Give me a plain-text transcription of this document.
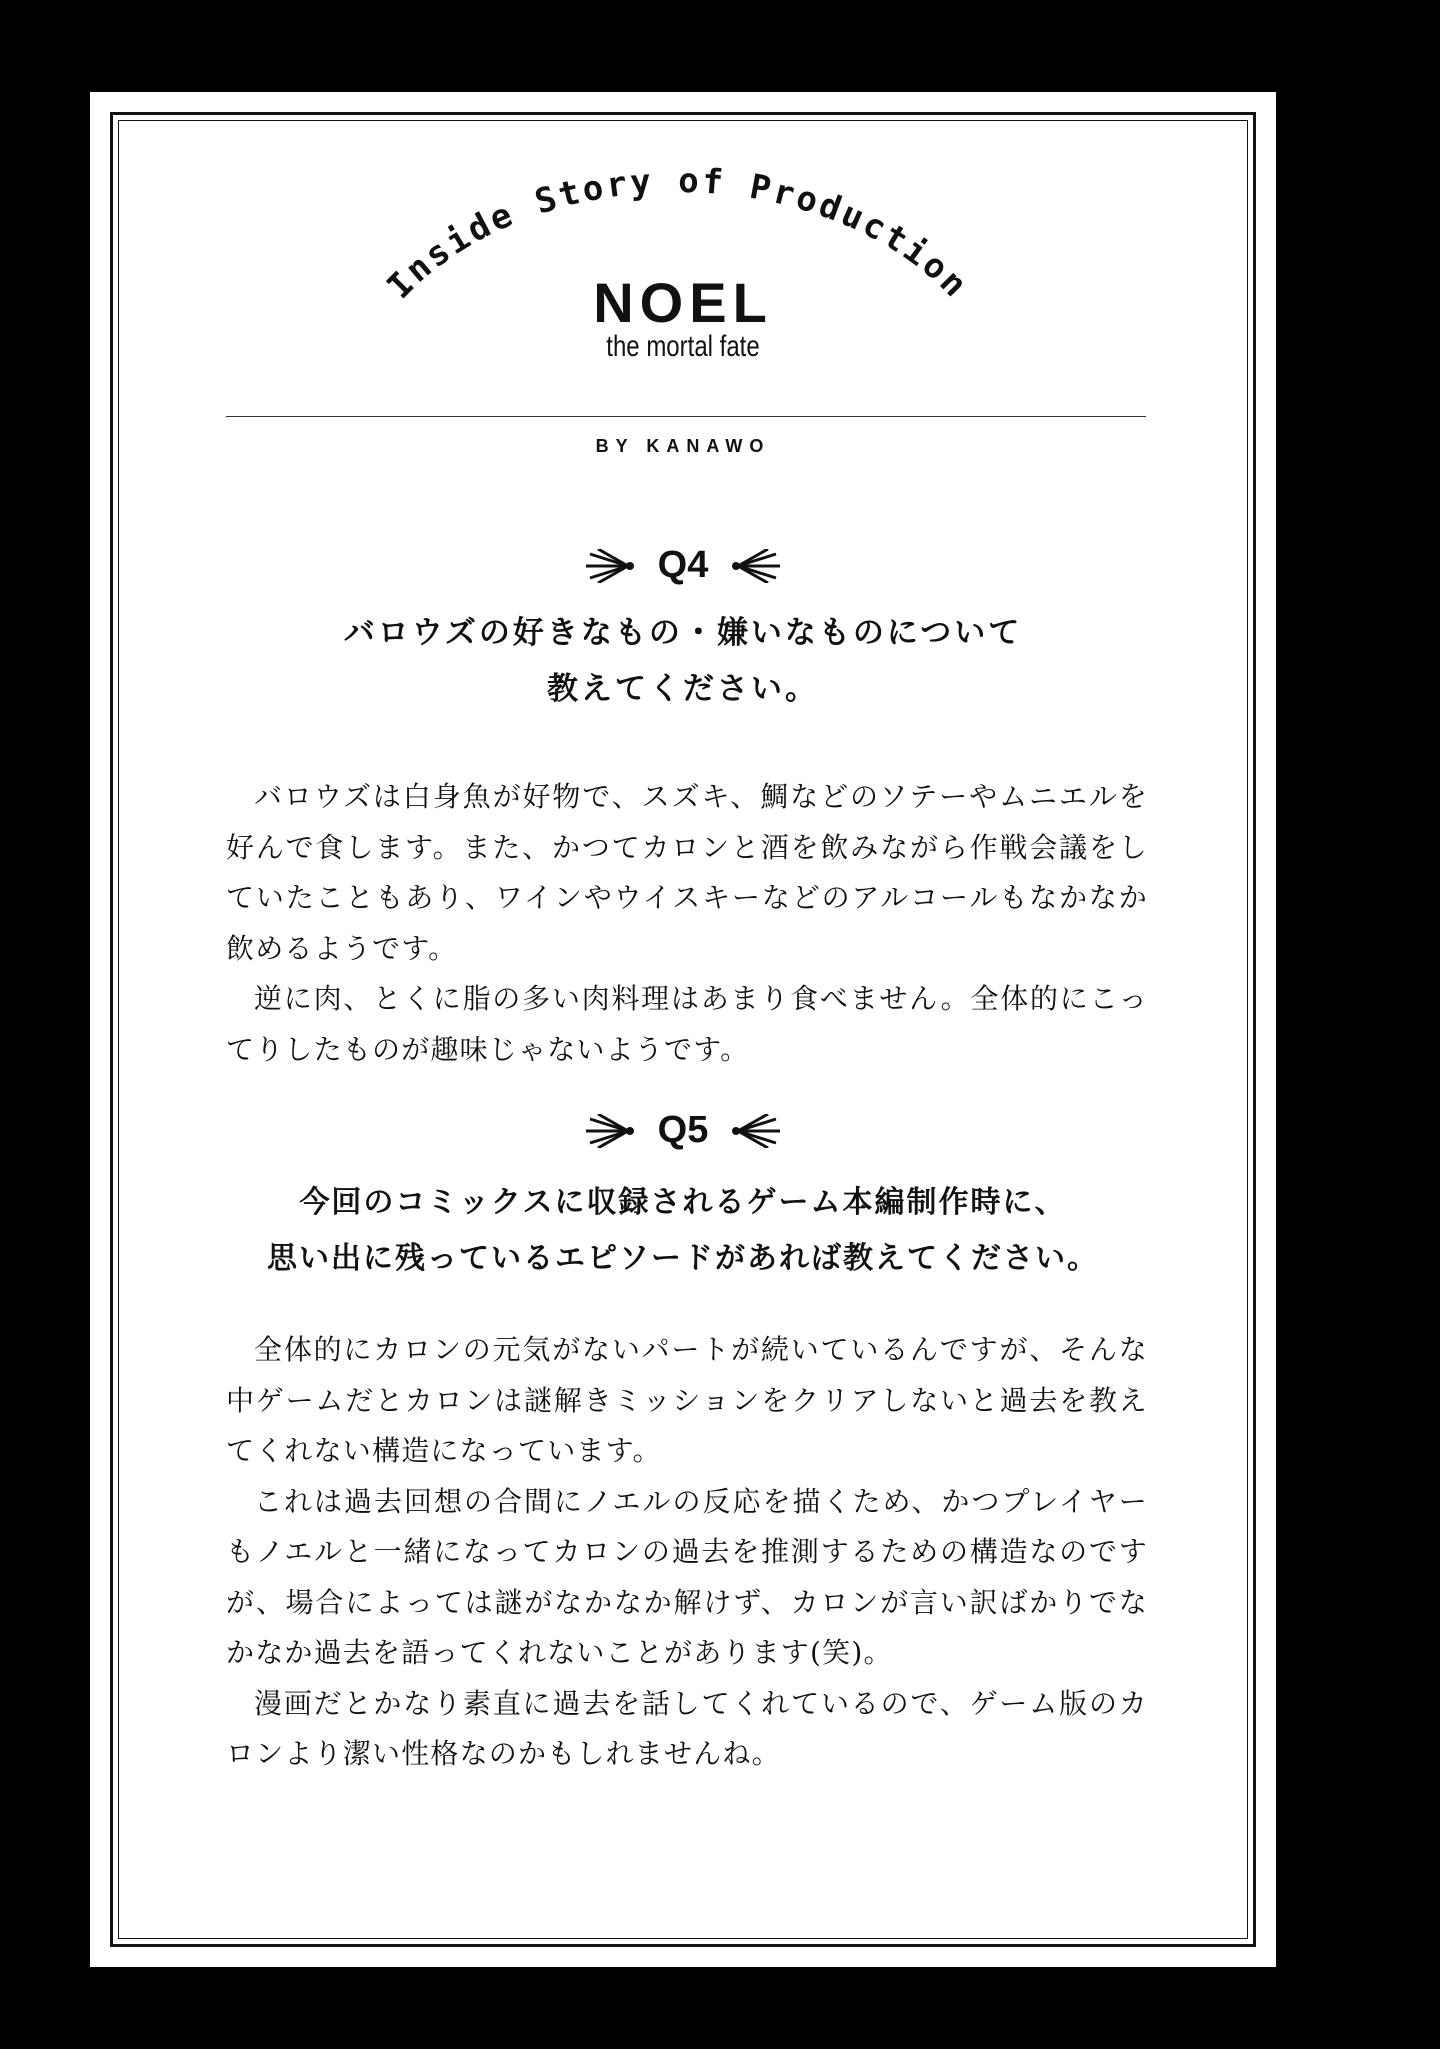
Inside Story of Production
NOEL
the mortal fate
BY KANAWO
Q4
バロウズの好きなもの・嫌いなものについて
教えてください。

バロウズは白身魚が好物で、スズキ、鯛などのソテーやムニエルを好んで食します。また、かつてカロンと酒を飲みながら作戦会議をしていたこともあり、ワインやウイスキーなどのアルコールもなかなか飲めるようです。

逆に肉、とくに脂の多い肉料理はあまり食べません。全体的にこってりしたものが趣味じゃないようです。

Q5
今回のコミックスに収録されるゲーム本編制作時に、
思い出に残っているエピソードがあれば教えてください。

全体的にカロンの元気がないパートが続いているんですが、そんな中ゲームだとカロンは謎解きミッションをクリアしないと過去を教えてくれない構造になっています。

これは過去回想の合間にノエルの反応を描くため、かつプレイヤーもノエルと一緒になってカロンの過去を推測するための構造なのですが、場合によっては謎がなかなか解けず、カロンが言い訳ばかりでなかなか過去を語ってくれないことがあります(笑)。

漫画だとかなり素直に過去を話してくれているので、ゲーム版のカロンより潔い性格なのかもしれませんね。
